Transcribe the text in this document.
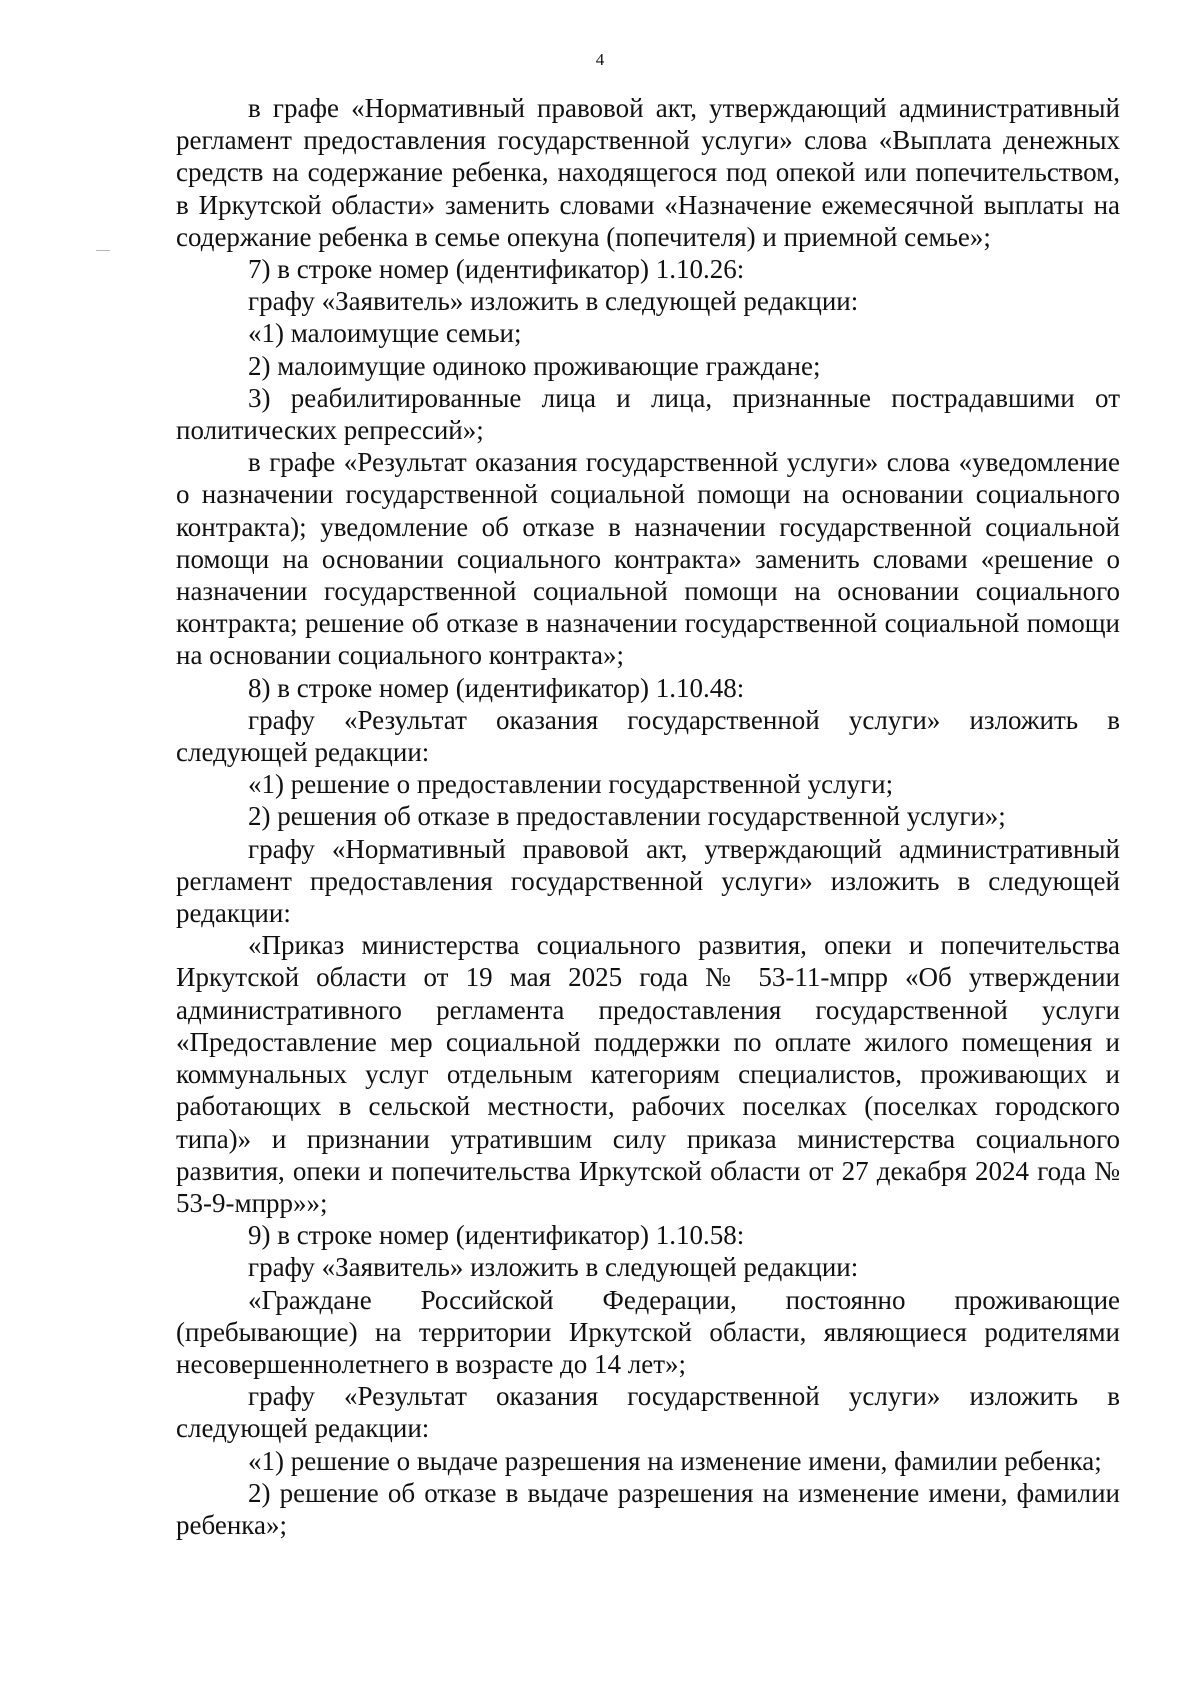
4

в графе «Нормативный правовой акт, утверждающий административный регламент предоставления государственной услуги» слова «Выплата денежных средств на содержание ребенка, находящегося под опекой или попечительством, в Иркутской области» заменить словами «Назначение ежемесячной выплаты на содержание ребенка в семье опекуна (попечителя) и приемной семье»;

7) в строке номер (идентификатор) 1.10.26:

графу «Заявитель» изложить в следующей редакции:

«1) малоимущие семьи;

2) малоимущие одиноко проживающие граждане;

3) реабилитированные лица и лица, признанные пострадавшими от политических репрессий»;

в графе «Результат оказания государственной услуги» слова «уведомление о назначении государственной социальной помощи на основании социального контракта); уведомление об отказе в назначении государственной социальной помощи на основании социального контракта» заменить словами «решение о назначении государственной социальной помощи на основании социального контракта; решение об отказе в назначении государственной социальной помощи на основании социального контракта»;

8) в строке номер (идентификатор) 1.10.48:

графу «Результат оказания государственной услуги» изложить в следующей редакции:

«1) решение о предоставлении государственной услуги;

2) решения об отказе в предоставлении государственной услуги»;

графу «Нормативный правовой акт, утверждающий административный регламент предоставления государственной услуги» изложить в следующей редакции:

«Приказ министерства социального развития, опеки и попечительства Иркутской области от 19 мая 2025 года № 53-11-мпрр «Об утверждении административного регламента предоставления государственной услуги «Предоставление мер социальной поддержки по оплате жилого помещения и коммунальных услуг отдельным категориям специалистов, проживающих и работающих в сельской местности, рабочих поселках (поселках городского типа)» и признании утратившим силу приказа министерства социального развития, опеки и попечительства Иркутской области от 27 декабря 2024 года № 53-9-мпрр»»;

9) в строке номер (идентификатор) 1.10.58:

графу «Заявитель» изложить в следующей редакции:

«Граждане Российской Федерации, постоянно проживающие (пребывающие) на территории Иркутской области, являющиеся родителями несовершеннолетнего в возрасте до 14 лет»;

графу «Результат оказания государственной услуги» изложить в следующей редакции:

«1) решение о выдаче разрешения на изменение имени, фамилии ребенка;

2) решение об отказе в выдаче разрешения на изменение имени, фамилии ребенка»;
